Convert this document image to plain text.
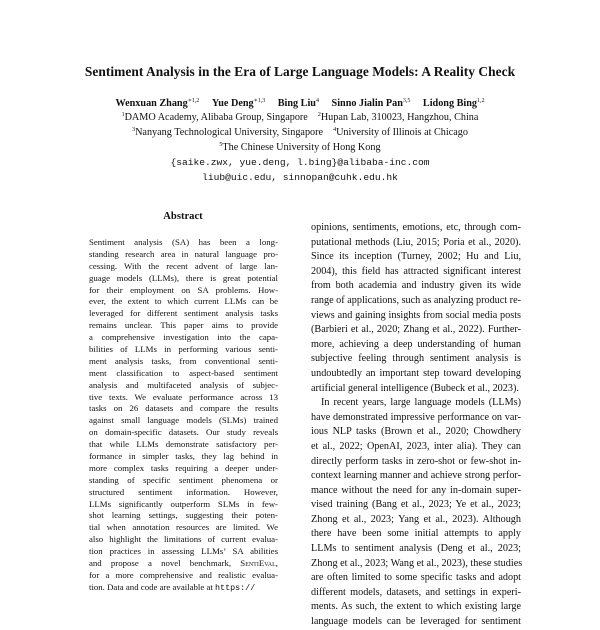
Sentiment Analysis in the Era of Large Language Models: A Reality Check
Wenxuan Zhang$^{∗1,2}$ Yue Deng$^{∗1,3}$ Bing Liu$^4$ Sinno Jialin Pan$^{3,5}$ Lidong Bing$^{1,2}$
$^1$DAMO Academy, Alibaba Group, Singapore $^2$Hupan Lab, 310023, Hangzhou, China
$^3$Nanyang Technological University, Singapore $^4$University of Illinois at Chicago
$^5$The Chinese University of Hong Kong
{saike.zwx, yue.deng, l.bing}@alibaba-inc.com
liub@uic.edu, sinnopan@cuhk.edu.hk
Abstract
Sentiment analysis (SA) has been a long-
standing research area in natural language pro-
cessing. With the recent advent of large lan-
guage models (LLMs), there is great potential
for their employment on SA problems. How-
ever, the extent to which current LLMs can be
leveraged for different sentiment analysis tasks
remains unclear. This paper aims to provide
a comprehensive investigation into the capa-
bilities of LLMs in performing various senti-
ment analysis tasks, from conventional senti-
ment classification to aspect-based sentiment
analysis and multifaceted analysis of subjec-
tive texts. We evaluate performance across 13
tasks on 26 datasets and compare the results
against small language models (SLMs) trained
on domain-specific datasets. Our study reveals
that while LLMs demonstrate satisfactory per-
formance in simpler tasks, they lag behind in
more complex tasks requiring a deeper under-
standing of specific sentiment phenomena or
structured sentiment information. However,
LLMs significantly outperform SLMs in few-
shot learning settings, suggesting their poten-
tial when annotation resources are limited. We
also highlight the limitations of current evalua-
tion practices in assessing LLMs’ SA abilities
and propose a novel benchmark, SentiEval,
for a more comprehensive and realistic evalua-
tion. Data and code are available at https://
opinions, sentiments, emotions, etc, through com-
putational methods (Liu, 2015; Poria et al., 2020).
Since its inception (Turney, 2002; Hu and Liu,
2004), this field has attracted significant interest
from both academia and industry given its wide
range of applications, such as analyzing product re-
views and gaining insights from social media posts
(Barbieri et al., 2020; Zhang et al., 2022). Further-
more, achieving a deep understanding of human
subjective feeling through sentiment analysis is
undoubtedly an important step toward developing
artificial general intelligence (Bubeck et al., 2023).
In recent years, large language models (LLMs)
have demonstrated impressive performance on var-
ious NLP tasks (Brown et al., 2020; Chowdhery
et al., 2022; OpenAI, 2023, inter alia). They can
directly perform tasks in zero-shot or few-shot in-
context learning manner and achieve strong perfor-
mance without the need for any in-domain super-
vised training (Bang et al., 2023; Ye et al., 2023;
Zhong et al., 2023; Yang et al., 2023). Although
there have been some initial attempts to apply
LLMs to sentiment analysis (Deng et al., 2023;
Zhong et al., 2023; Wang et al., 2023), these studies
are often limited to some specific tasks and adopt
different models, datasets, and settings in experi-
ments. As such, the extent to which existing large
language models can be leveraged for sentiment
